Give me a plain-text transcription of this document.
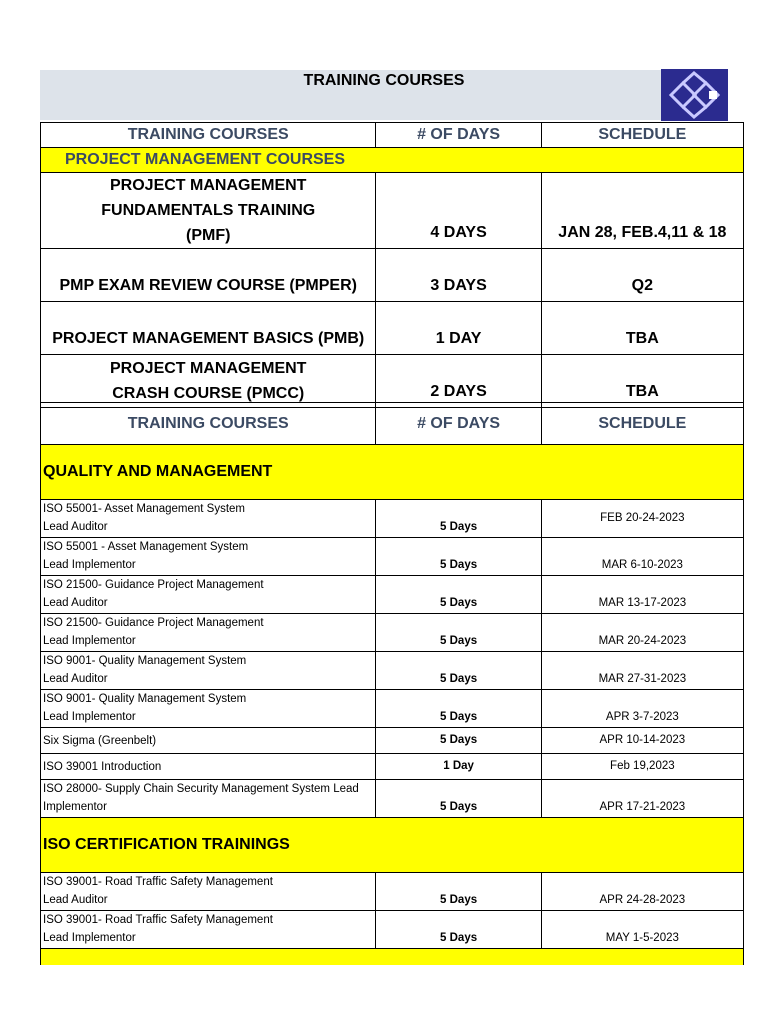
TRAINING COURSES
TRAINING COURSES	# OF DAYS	SCHEDULE
PROJECT MANAGEMENT COURSES		
PROJECT MANAGEMENT FUNDAMENTALS TRAINING (PMF)	4 DAYS	JAN 28, FEB.4,11 & 18
PMP EXAM REVIEW COURSE (PMPER)	3 DAYS	Q2
PROJECT MANAGEMENT BASICS (PMB)	1 DAY	TBA
PROJECT MANAGEMENT CRASH COURSE (PMCC)	2 DAYS	TBA
TRAINING COURSES	# OF DAYS	SCHEDULE
QUALITY AND MANAGEMENT		
ISO 55001- Asset Management System
Lead Auditor	5 Days	FEB 20-24-2023
ISO 55001 - Asset Management System
Lead Implementor	5 Days	MAR 6-10-2023
ISO 21500- Guidance Project Management
Lead Auditor	5 Days	MAR 13-17-2023
ISO 21500- Guidance Project Management
Lead Implementor	5 Days	MAR 20-24-2023
ISO 9001- Quality Management System
Lead Auditor	5 Days	MAR 27-31-2023
ISO 9001- Quality Management System
Lead Implementor	5 Days	APR 3-7-2023
Six Sigma (Greenbelt)	5 Days	APR 10-14-2023
ISO 39001 Introduction	1 Day	Feb 19,2023
ISO 28000- Supply Chain Security Management System Lead
Implementor	5 Days	APR 17-21-2023
ISO CERTIFICATION TRAININGS		
ISO 39001- Road Traffic Safety Management
Lead Auditor	5 Days	APR 24-28-2023
ISO 39001- Road Traffic Safety Management
Lead Implementor	5 Days	MAY 1-5-2023
